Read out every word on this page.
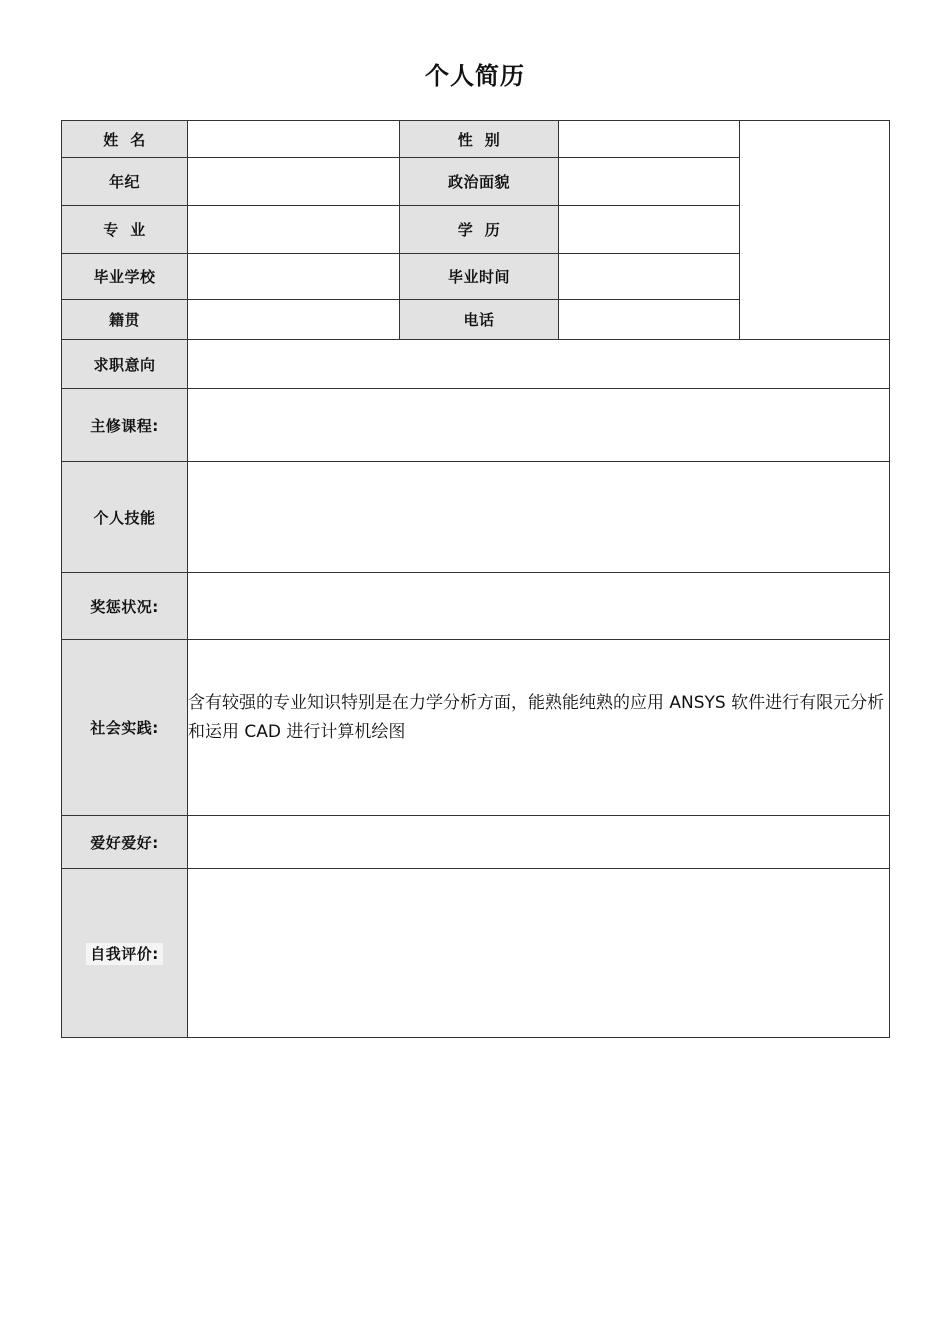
个人简历
姓  名		性  别		
年纪		政治面貌		
专  业		学  历		
毕业学校		毕业时间		
籍贯		电话		
求职意向				
主修课程:				
个人技能				
奖惩状况:				
社会实践:	含有较强的专业知识特别是在力学分析方面，能熟能纯熟的应用 ANSYS 软件进行有限元分析和运用 CAD 进行计算机绘图			

爱好爱好:				
自我评价:				
